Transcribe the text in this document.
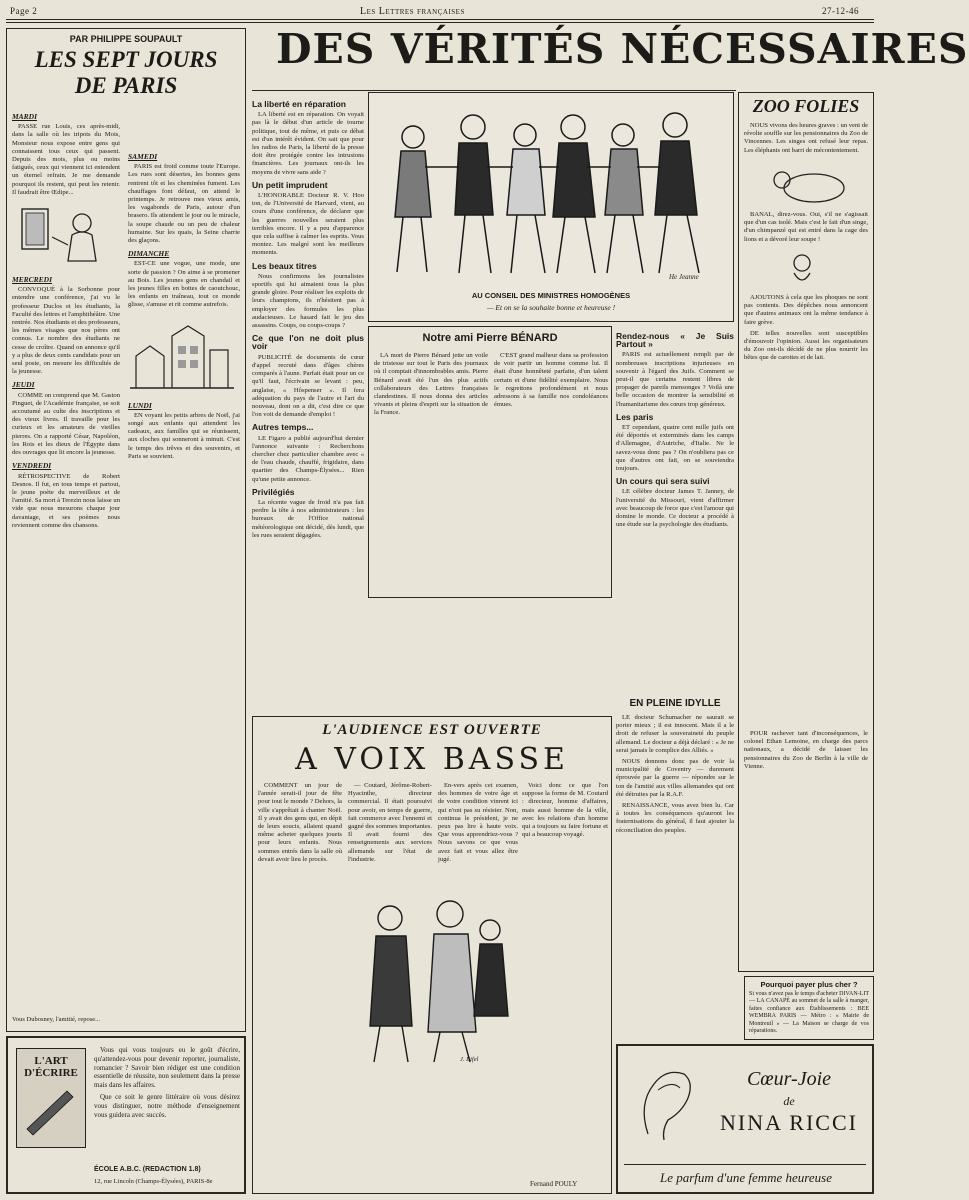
Page 2	Les Lettres françaises	27-12-46
PAR PHILIPPE SOUPAULT
LES SEPT JOURS
DE PARIS
MARDI

PASSE rue Louis, ces après-midi, dans la salle où les tripots du Mois, Monsieur nous expose entre gens qui connaissent tous ceux qui passent. Depuis des mois, plus ou moins fatigués, ceux qui viennent ici entendent un éternel refrain. Je me demande pourquoi ils restent, qui peut les retenir. Il faudrait être Œdipe...

MERCREDI

CONVOQUÉ à la Sorbonne pour entendre une conférence, j'ai vu le professeur Duclos et les étudiants, la Faculté des lettres et l'amphithéâtre. Une rentrée. Nos étudiants et des professeurs, les mêmes visages que nos pères ont connus. Le nombre des étudiants ne cesse de croître. Quand on annonce qu'il y a plus de deux cents candidats pour un seul poste, on mesure les difficultés de la jeunesse.

JEUDI

COMME on comprend que M. Gaston Pinguet, de l'Académie française, se soit accoutumé au culte des inscriptions et des vieux livres. Il travaille pour les curieux et les amateurs de vieilles pierres. On a rapporté César, Napoléon, les Rois et les dieux de l'Égypte dans des ouvrages que lit encore la jeunesse.

VENDREDI

RÉTROSPECTIVE de Robert Desnos. Il fut, en tous temps et partout, le jeune poète du merveilleux et de l'amitié. Sa mort à Terezin nous laisse un vide que nous mesurons chaque jour davantage, et ses poèmes nous reviennent comme des chansons.

SAMEDI

PARIS est froid comme toute l'Europe. Les rues sont désertes, les bonnes gens rentrent tôt et les cheminées fument. Les chauffages font défaut, on attend le printemps. Je retrouve mes vieux amis, les vagabonds de Paris, autour d'un brasero. Ils attendent le jour ou le miracle, la soupe chaude ou un peu de chaleur humaine. Sur les quais, la Seine charrie des glaçons.

DIMANCHE

EST-CE une vogue, une mode, une sorte de passion ? On aime à se promener au Bois. Les jeunes gens en chandail et les jeunes filles en bottes de caoutchouc, les enfants en traîneau, tout ce monde glisse, s'amuse et rit comme autrefois.

LUNDI

EN voyant les petits arbres de Noël, j'ai songé aux enfants qui attendent les cadeaux, aux familles qui se réunissent, aux cloches qui sonneront à minuit. C'est le temps des trêves et des souvenirs, et Paris se souvient.

Vous Dubosney, l'amitié, repose...
L'ART D'ÉCRIRE

Vous qui vous toujours eu le goût d'écrire, qu'attendez-vous pour devenir reporter, journaliste, romancier ? Savoir bien rédiger est une condition essentielle de réussite, non seulement dans la presse mais dans les affaires.

Que ce soit le genre littéraire où vous désirez vous distinguer, notre méthode d'enseignement vous guidera avec succès.

ÉCOLE A.B.C. (REDACTION 1.8)
12, rue Lincoln (Champs-Élysées), PARIS-8e
DES VÉRITÉS NÉCESSAIRES
La liberté en réparation

LA liberté est en réparation. On voyait pas là le début d'un article de tourne politique, tout de même, et puis ce débat est d'un intérêt évident. On sait que pour les radios de Paris, la liberté de la presse doit être protégée contre les intrusions financières. Les journaux ont-ils les moyens de vivre sans aide ?

Un petit imprudent

L'HONORABLE Docteur R. V. Hoo ton, de l'Université de Harvard, vient, au cours d'une conférence, de déclarer que les guerres nouvelles seraient plus terribles encore. Il y a peu d'apparence que cela suffise à calmer les esprits. Vous montez. Les malgré sont les meilleurs moments.

Les beaux titres

Nous confirmons les journalistes sportifs qui lui aimaient tous la plus grande gloire. Pour réaliser les exploits de leurs champions, ils n'hésitent pas à employer des formules les plus audacieuses. Le hasard fait le jeu des assassins. Coups, ou coups-coups ?

Ce que l'on ne doit plus voir

PUBLICITÉ de documents de cœur d'appel recruté dans d'âges chères comparés à l'aune. Parfait était pour un ce qu'il faut, l'écrivain se levant : peu, anglaise, « Hôspenser ». Il fera adéquation du pays de l'autre et l'art du nouveau, dont on a dit, c'est dire ce que l'on voit de demande d'emploi !

Autres temps...

LE Figaro a publié aujourd'hui dernier l'annonce suivante : Recherchons chercher chez particulier chambre avec « de l'eau chaude, chauffé, frigidaire, dans quartier des Champs-Élysées... Rien qu'une petite annonce.

Privilégiés

La récente vague de froid n'a pas fait perdre la tête à nos administrateurs : les bureaux de l'Office national météorologique ont décidé, dès lundi, que les rues seraient dégagées.

He Jeanne
AU CONSEIL DES MINISTRES HOMOGÈNES
— Et on se la souhaite bonne et heureuse !
ZOO FOLIES

NOUS vivons des heures graves : un vent de révolte souffle sur les pensionnaires du Zoo de Vincennes. Les singes ont refusé leur repas. Les éléphants ont barri de mécontentement.

BANAL, direz-vous. Oui, s'il ne s'agissait que d'un cas isolé. Mais c'est le fait d'un singe, d'un chimpanzé qui est entré dans la cage des lions et a dévoré leur soupe !

AJOUTONS à cela que les phoques ne sont pas contents. Des dépêches nous annoncent que d'autres animaux ont la même tendance à faire grève.

DE telles nouvelles sont susceptibles d'émouvoir l'opinion. Aussi les organisateurs du Zoo ont-ils décidé de ne plus nourrir les bêtes que de carottes et de lait.

Notre ami Pierre BÉNARD

LA mort de Pierre Bénard jette un voile de tristesse sur tout le Paris des journaux où il comptait d'innombrables amis. Pierre Bénard avait été l'un des plus actifs collaborateurs des Lettres françaises clandestines. Il nous donna des articles vivants et pleins d'esprit sur la situation de la France.

C'EST grand malheur dans sa profession de voir partir un homme comme lui. Il était d'une honnêteté parfaite, d'un talent certain et d'une fidélité exemplaire. Nous le regrettons profondément et nous adressons à sa famille nos condoléances émues.

Rendez-nous « Je Suis Partout »

PARIS est actuellement rempli par de nombreuses inscriptions injurieuses en souvenir à l'égard des Juifs. Comment se peut-il que certains restent libres de propager de pareils mensonges ? Voilà une belle occasion de montrer la sensibilité et l'humanitarisme des cœurs trop généreux.

Les paris

ET cependant, quatre cent mille juifs ont été déportés et exterminés dans les camps d'Allemagne, d'Autriche, d'Italie. Ne le savez-vous donc pas ? On n'oubliera pas ce que d'autres ont fait, on se souviendra toujours.

Un cours qui sera suivi

LE célèbre docteur James T. Janney, de l'université du Missouri, vient d'affirmer avec beaucoup de force que c'est l'amour qui domine le monde. Ce docteur a procédé à une étude sur la psychologie des étudiants.

EN PLEINE IDYLLE

LE docteur Schumacher ne saurait se porter mieux ; il est innocent. Mais il a le droit de refuser la souveraineté du peuple allemand. Le docteur a déjà déclaré : « Je ne serai jamais le complice des Alliés. »

NOUS donnons donc pas de voir la municipalité de Coventry — durement éprouvée par la guerre — répondre sur le ton de l'amitié aux villes allemandes qui ont été détruites par la R.A.F.

RENAISSANCE, vous avez bien lu. Car à toutes les conséquences qu'auront les fraternisations du général, il faut ajouter la réconciliation des peuples.

POUR rachever tant d'inconséquences, le colonel Ethan Lemoine, en charge des parcs nationaux, a décidé de laisser les pensionnaires du Zoo de Berlin à la ville de Vienne.

Pourquoi payer plus cher ?
Si vous n'avez pas le temps d'acheter DIVAN-LIT — LA CANAPÉ au sommet de la salle à manger, faites confiance aux Établissements : BEE WEMBRA PARIS — Métro : « Mairie de Montreuil » — La Maison se charge de vos réparations.
L'AUDIENCE EST OUVERTE
A VOIX BASSE

COMMENT un jour de l'année serait-il jour de fête pour tout le monde ? Dehors, la ville s'apprêtait à chanter Noël. Il y avait des gens qui, en dépit de leurs soucis, allaient quand même acheter quelques jouets pour leurs enfants. Nous sommes entrés dans la salle où devait avoir lieu le procès.

— Coutard, Jérôme-Robert-Hyacinthe, directeur commercial. Il était poursuivi pour avoir, en temps de guerre, fait commerce avec l'ennemi et gagné des sommes importantes. Il avait fourni des renseignements aux services allemands sur l'état de l'industrie.

En-vers après cet examen, des hommes de votre âge et de votre condition vinrent ici qui n'ont pas su résister. Non, continua le président, je ne peux pas lire à haute voix. Que vous apprendriez-vous ? Nous savons ce que vous avez fait et vous allez être jugé.

Voici donc ce que l'on suppose la forme de M. Coutard : directeur, homme d'affaires, mais aussi homme de la ville, avec les relations d'un homme qui a toujours su faire fortune et qui a beaucoup voyagé.

J. Eifel
Fernand POULY
Cœur-Joie
de
NINA RICCI
Le parfum d'une femme heureuse
